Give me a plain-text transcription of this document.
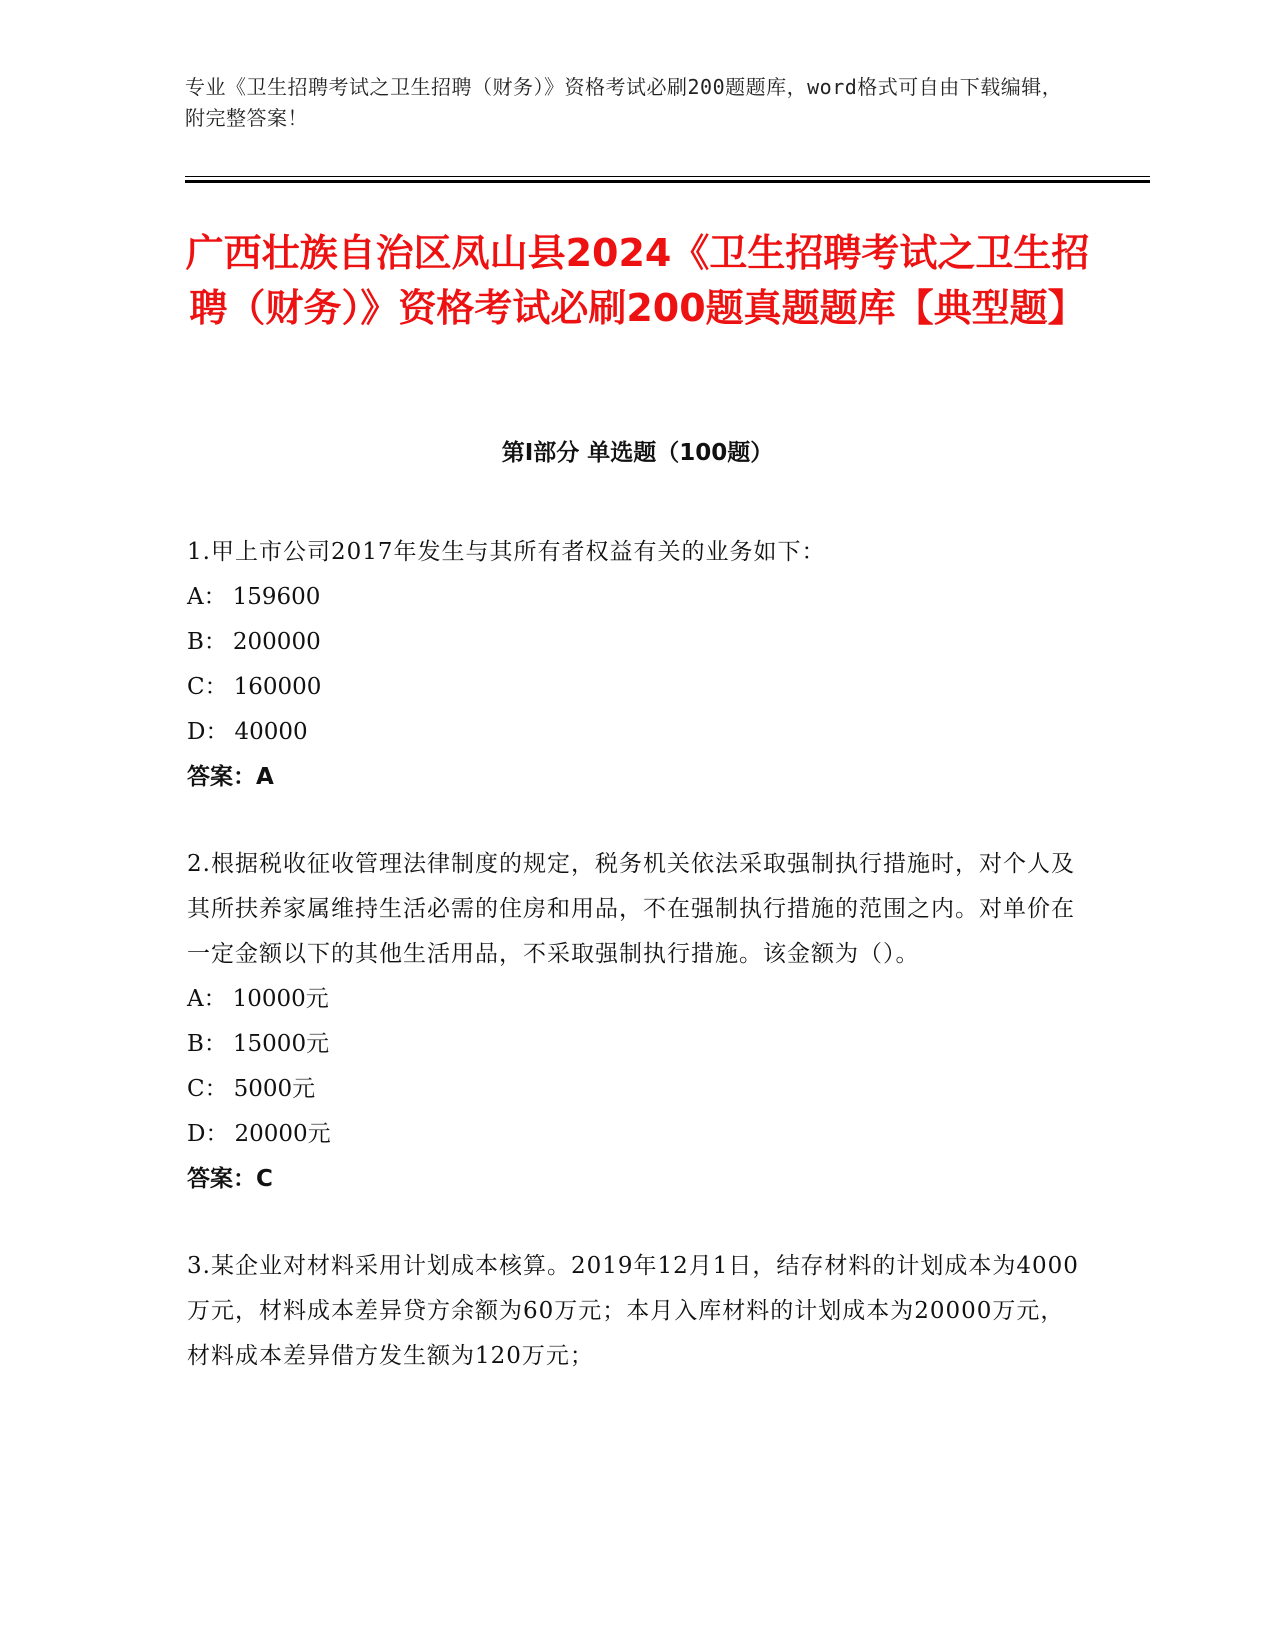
专业《卫生招聘考试之卫生招聘（财务）》资格考试必刷200题题库，word格式可自由下载编辑，附完整答案！
广西壮族自治区凤山县2024《卫生招聘考试之卫生招聘（财务）》资格考试必刷200题真题题库【典型题】
第Ⅰ部分 单选题（100题）

1.甲上市公司2017年发生与其所有者权益有关的业务如下：

A： 159600
B： 200000
C： 160000
D： 40000
答案：A

2.根据税收征收管理法律制度的规定，税务机关依法采取强制执行措施时，对个人及其所扶养家属维持生活必需的住房和用品，不在强制执行措施的范围之内。对单价在一定金额以下的其他生活用品，不采取强制执行措施。该金额为（）。

A： 10000元
B： 15000元
C： 5000元
D： 20000元
答案：C

3.某企业对材料采用计划成本核算。2019年12月1日，结存材料的计划成本为4000万元，材料成本差异贷方余额为60万元；本月入库材料的计划成本为20000万元，材料成本差异借方发生额为120万元；
